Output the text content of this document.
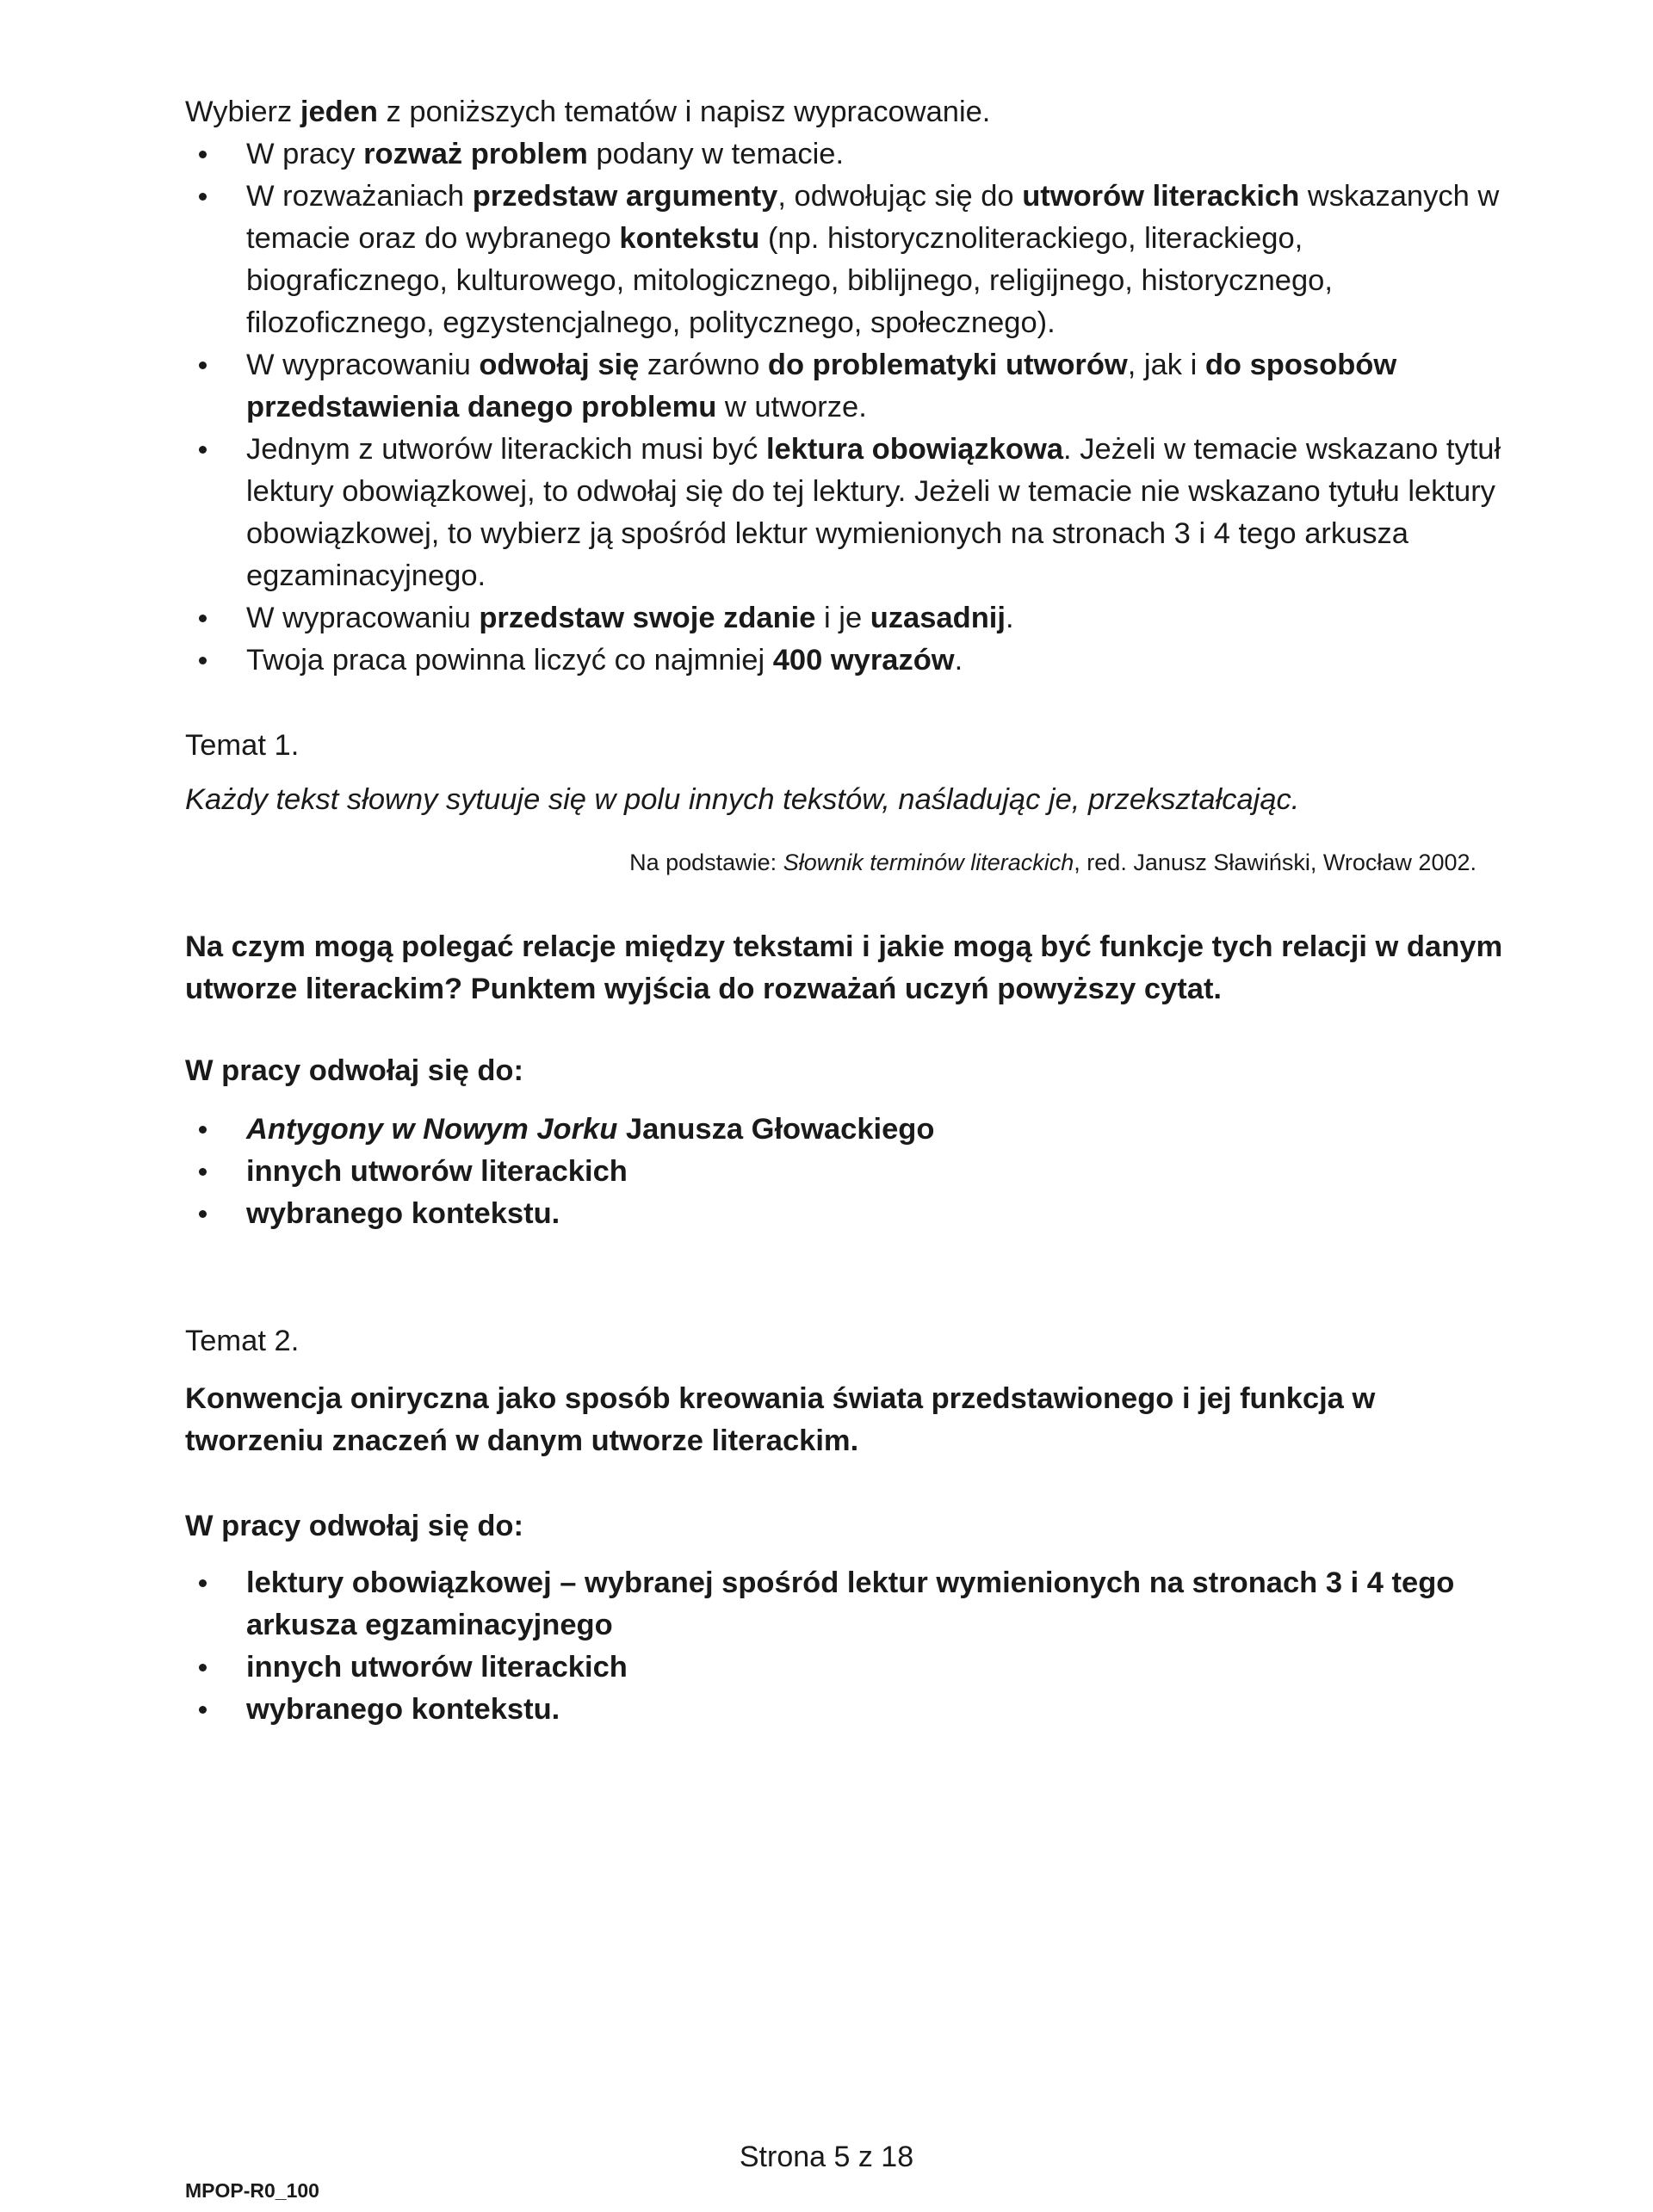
Wybierz jeden z poniższych tematów i napisz wypracowanie.

W pracy rozważ problem podany w temacie.
W rozważaniach przedstaw argumenty, odwołując się do utworów literackich wskazanych w temacie oraz do wybranego kontekstu (np. historycznoliterackiego, literackiego, biograficznego, kulturowego, mitologicznego, biblijnego, religijnego, historycznego, filozoficznego, egzystencjalnego, politycznego, społecznego).
W wypracowaniu odwołaj się zarówno do problematyki utworów, jak i do sposobów przedstawienia danego problemu w utworze.
Jednym z utworów literackich musi być lektura obowiązkowa. Jeżeli w temacie wskazano tytuł lektury obowiązkowej, to odwołaj się do tej lektury. Jeżeli w temacie nie wskazano tytułu lektury obowiązkowej, to wybierz ją spośród lektur wymienionych na stronach 3 i 4 tego arkusza egzaminacyjnego.
W wypracowaniu przedstaw swoje zdanie i je uzasadnij.
Twoja praca powinna liczyć co najmniej 400 wyrazów.
Temat 1.
Każdy tekst słowny sytuuje się w polu innych tekstów, naśladując je, przekształcając.
Na podstawie: Słownik terminów literackich, red. Janusz Sławiński, Wrocław 2002.
Na czym mogą polegać relacje między tekstami i jakie mogą być funkcje tych relacji w danym utworze literackim? Punktem wyjścia do rozważań uczyń powyższy cytat.
W pracy odwołaj się do:
Antygony w Nowym Jorku Janusza Głowackiego
innych utworów literackich
wybranego kontekstu.
Temat 2.
Konwencja oniryczna jako sposób kreowania świata przedstawionego i jej funkcja w tworzeniu znaczeń w danym utworze literackim.
W pracy odwołaj się do:
lektury obowiązkowej – wybranej spośród lektur wymienionych na stronach 3 i 4 tego arkusza egzaminacyjnego
innych utworów literackich
wybranego kontekstu.
Strona 5 z 18
MPOP-R0_100
